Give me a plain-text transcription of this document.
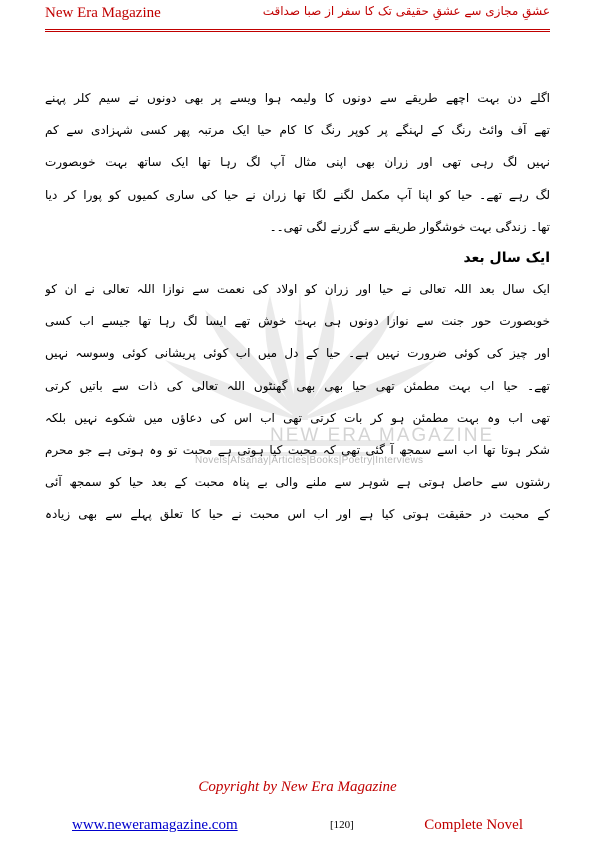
New Era Magazine	عشقِ مجازی سے عشقِ حقیقی تک کا سفر از صبا صداقت
NEW ERA MAGAZINE
Novels|Afsanay|Articles|Books|Poetry|Interviews

اگلے دن بہت اچھے طریقے سے دونوں کا ولیمہ ہوا ویسے پر بھی دونوں نے سیم کلر پہنے

تھے آف وائٹ رنگ کے لہنگے پر کوپر رنگ کا کام حیا ایک مرتبہ پھر کسی شہزادی سے کم

نہیں لگ رہی تھی اور زران بھی اپنی مثال آپ لگ رہا تھا ایک ساتھ بہت خوبصورت

لگ رہے تھے۔ حیا کو اپنا آپ مکمل لگنے لگا تھا زران نے حیا کی ساری کمیوں کو پورا کر دیا

تھا۔ زندگی بہت خوشگوار طریقے سے گزرنے لگی تھی۔۔

ایک سال بعد

ایک سال بعد اللہ تعالی نے حیا اور زران کو اولاد کی نعمت سے نوازا اللہ تعالی نے ان کو

خوبصورت حور جنت سے نوازا دونوں ہی بہت خوش تھے ایسا لگ رہا تھا جیسے اب کسی

اور چیز کی کوئی ضرورت نہیں ہے۔ حیا کے دل میں اب کوئی پریشانی کوئی وسوسہ نہیں

تھے۔ حیا اب بہت مطمئن تھی حیا بھی بھی گھنٹوں اللہ تعالی کی ذات سے باتیں کرتی

تھی اب وہ بہت مطمئن ہو کر بات کرتی تھی اب اس کی دعاؤں میں شکوے نہیں بلکہ

شکر ہوتا تھا اب اسے سمجھ آ گئی تھی کہ محبت کیا ہوتی ہے محبت تو وہ ہوتی ہے جو محرم

رشتوں سے حاصل ہوتی ہے شوہر سے ملنے والی بے پناہ محبت کے بعد حیا کو سمجھ آئی

کے محبت در حقیقت ہوتی کیا ہے اور اب اس محبت نے حیا کا تعلق پہلے سے بھی زیادہ

Copyright by New Era Magazine
www.neweramagazine.com	[120]	Complete Novel
